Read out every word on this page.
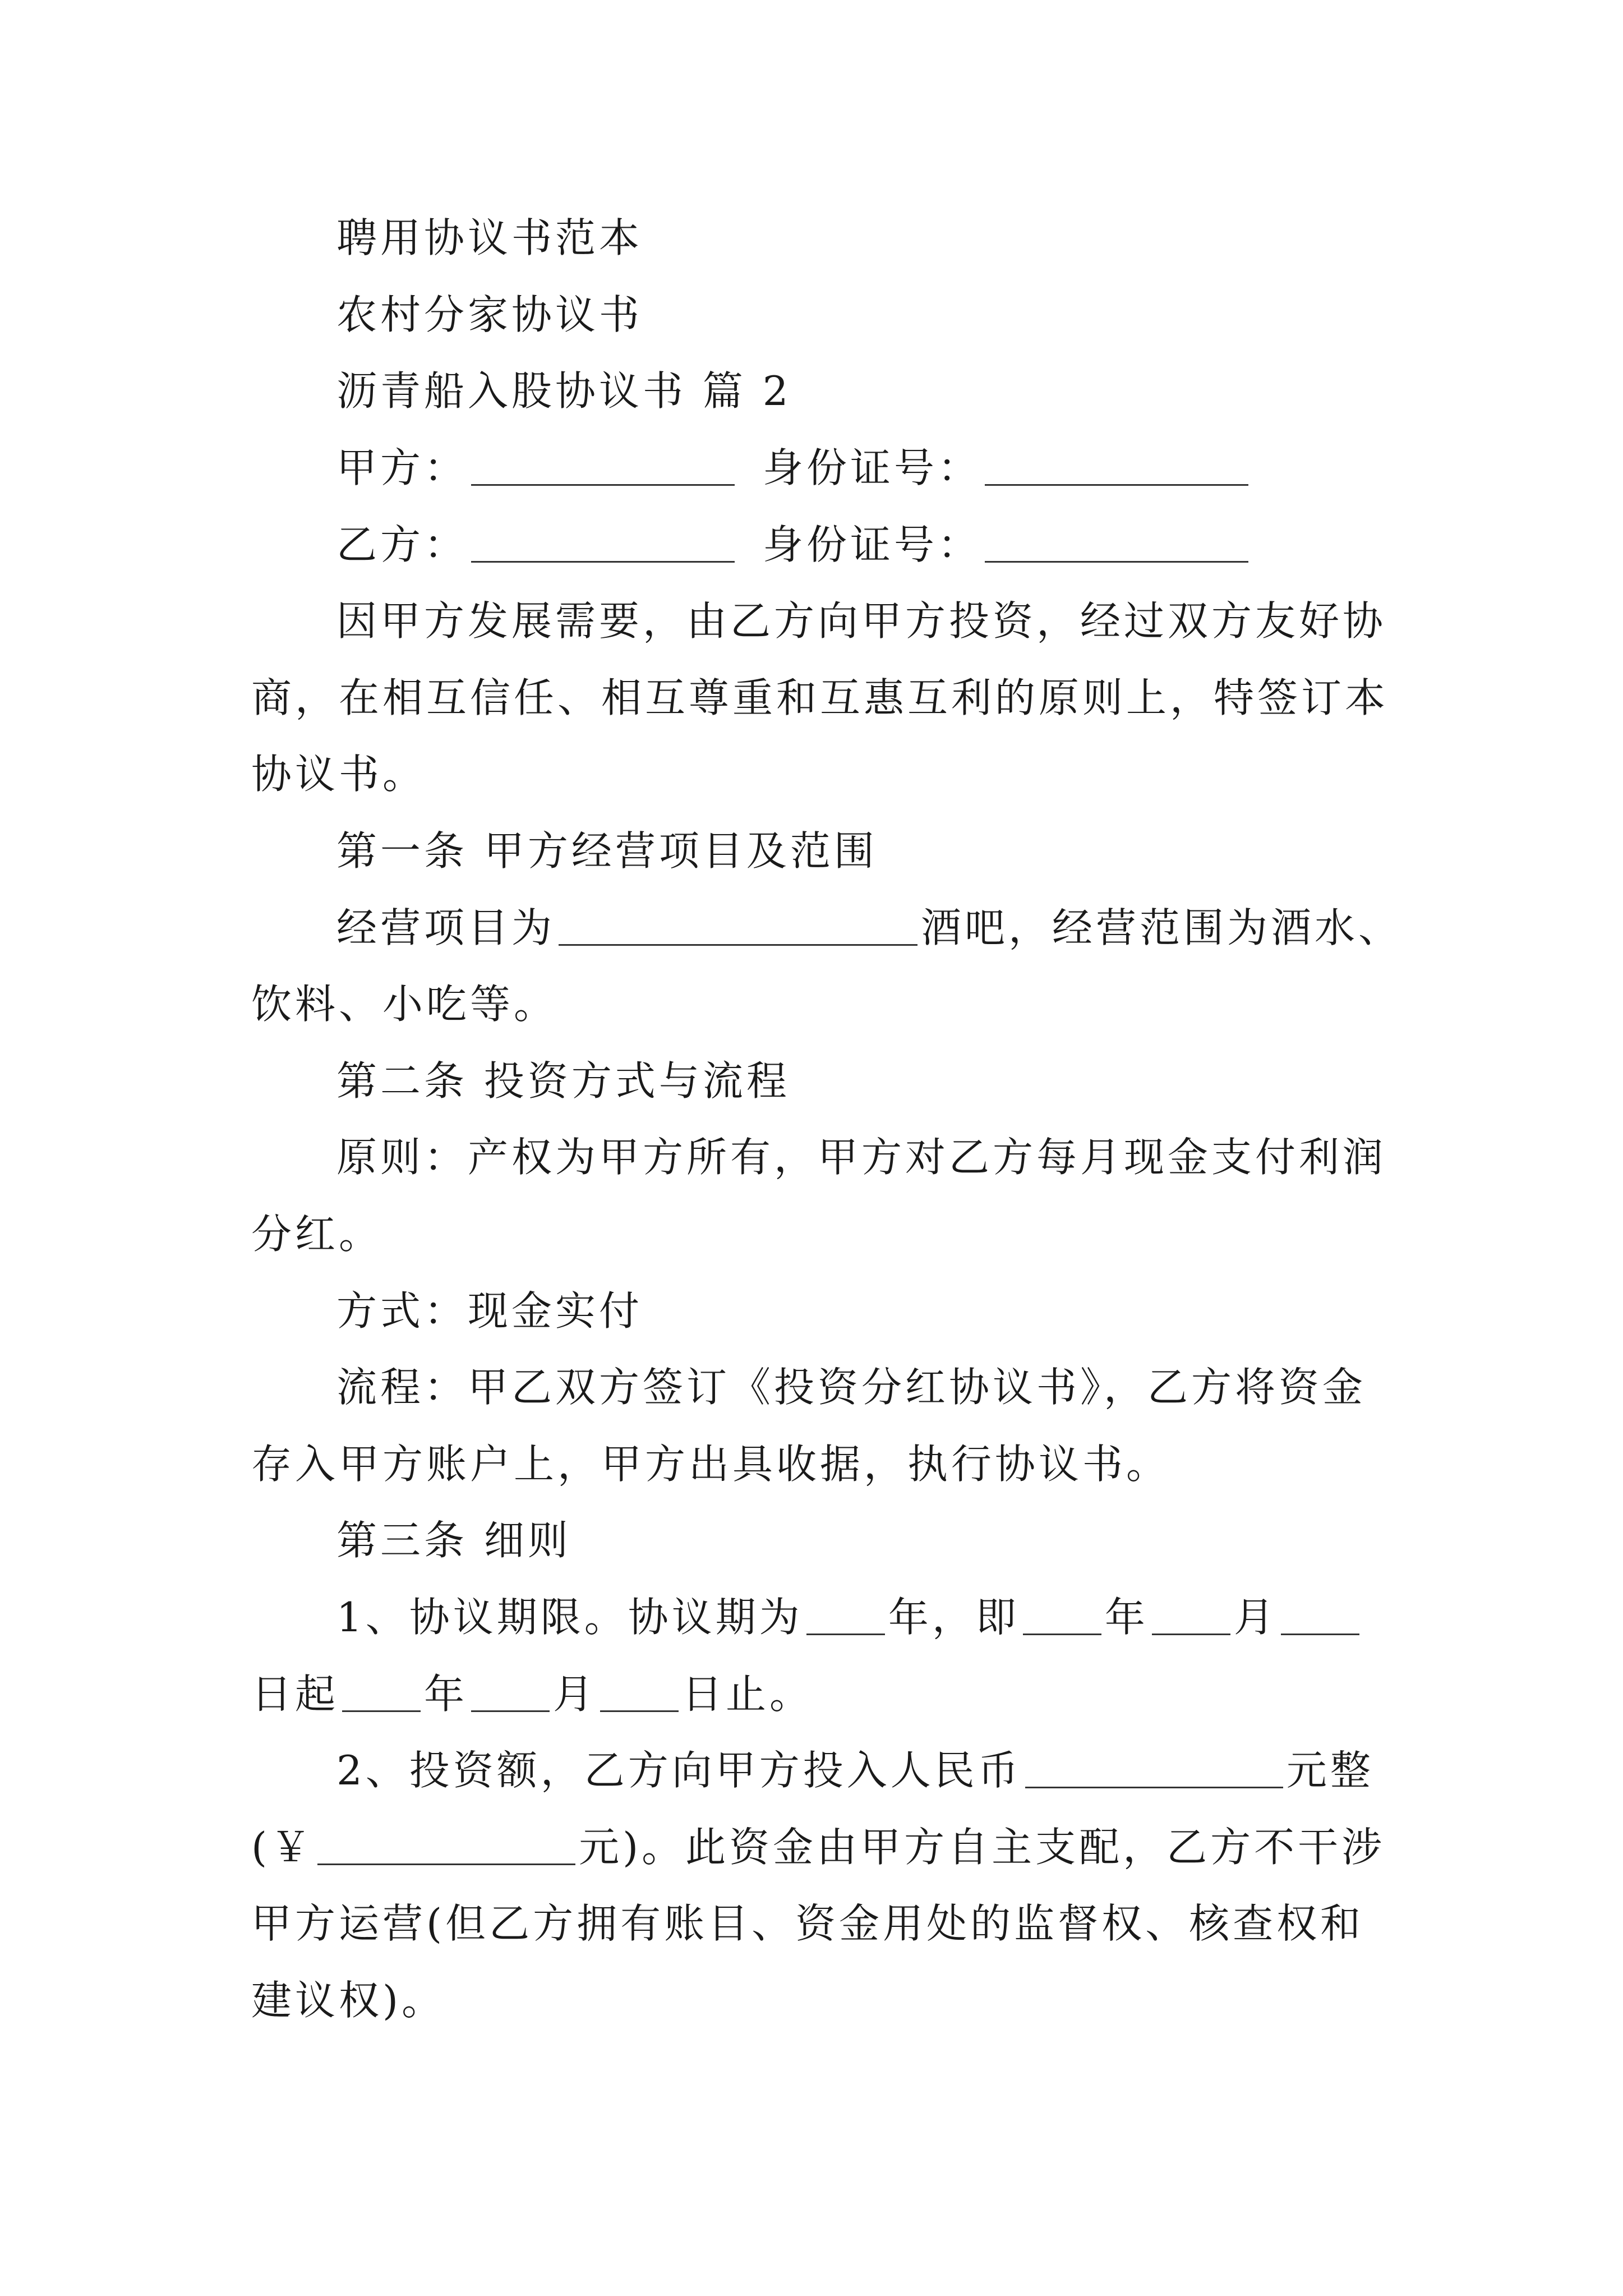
聘用协议书范本
农村分家协议书
沥青船入股协议书 篇 2
甲方：	身份证号：
乙方：	身份证号：
因甲方发展需要，由乙方向甲方投资，经过双方友好协
商，在相互信任、相互尊重和互惠互利的原则上，特签订本
协议书。
第一条 甲方经营项目及范围
经营项目为	酒吧，经营范围为酒水、
饮料、小吃等。
第二条 投资方式与流程
原则：产权为甲方所有，甲方对乙方每月现金支付利润
分红。
方式：现金实付
流程：甲乙双方签订《投资分红协议书》，乙方将资金
存入甲方账户上，甲方出具收据，执行协议书。
第三条 细则
1、协议期限。协议期为 年，即 年 月
日起 年 月 日止。
2、投资额，乙方向甲方投入人民币	元整
(￥	元)。此资金由甲方自主支配，乙方不干涉
甲方运营(但乙方拥有账目、资金用处的监督权、核查权和
建议权)。
